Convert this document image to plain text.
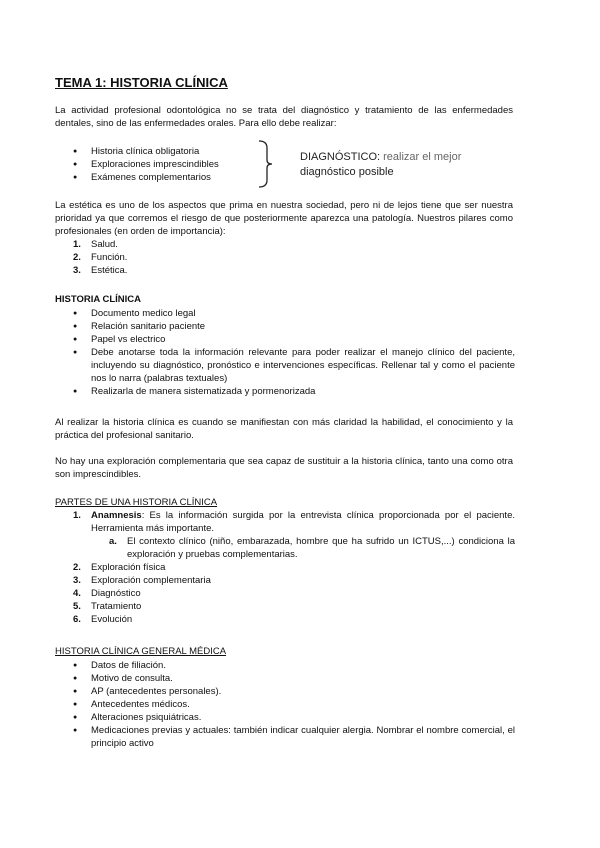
TEMA 1: HISTORIA CLÍNICA

La actividad profesional odontológica no se trata del diagnóstico y tratamiento de las enfermedades dentales, sino de las enfermedades orales. Para ello debe realizar:

● Historia clínica obligatoria
● Exploraciones imprescindibles
● Exámenes complementarios

La estética es uno de los aspectos que prima en nuestra sociedad, pero ni de lejos tiene que ser nuestra prioridad ya que corremos el riesgo de que posteriormente aparezca una patología. Nuestros pilares como profesionales (en orden de importancia):

1. Salud.
2. Función.
3. Estética.
HISTORIA CLÍNICA
● Documento medico legal
● Relación sanitario paciente
● Papel vs electrico
● Debe anotarse toda la información relevante para poder realizar el manejo clínico del paciente, incluyendo su diagnóstico, pronóstico e intervenciones específicas. Rellenar tal y como el paciente nos lo narra (palabras textuales)
● Realizarla de manera sistematizada y pormenorizada

Al realizar la historia clínica es cuando se manifiestan con más claridad la habilidad, el conocimiento y la práctica del profesional sanitario.

No hay una exploración complementaria que sea capaz de sustituir a la historia clínica, tanto una como otra son imprescindibles.

PARTES DE UNA HISTORIA CLÍNICA
1. Anamnesis: Es la información surgida por la entrevista clínica proporcionada por el paciente. Herramienta más importante.
a. El contexto clínico (niño, embarazada, hombre que ha sufrido un ICTUS,...) condiciona la exploración y pruebas complementarias.
2. Exploración física
3. Exploración complementaria
4. Diagnóstico
5. Tratamiento
6. Evolución
HISTORIA CLÍNICA GENERAL MÉDICA
● Datos de filiación.
● Motivo de consulta.
● AP (antecedentes personales).
● Antecedentes médicos.
● Alteraciones psiquiátricas.
● Medicaciones previas y actuales: también indicar cualquier alergia. Nombrar el nombre comercial, el principio activo
DIAGNÓSTICO: realizar el mejor
diagnóstico posible
